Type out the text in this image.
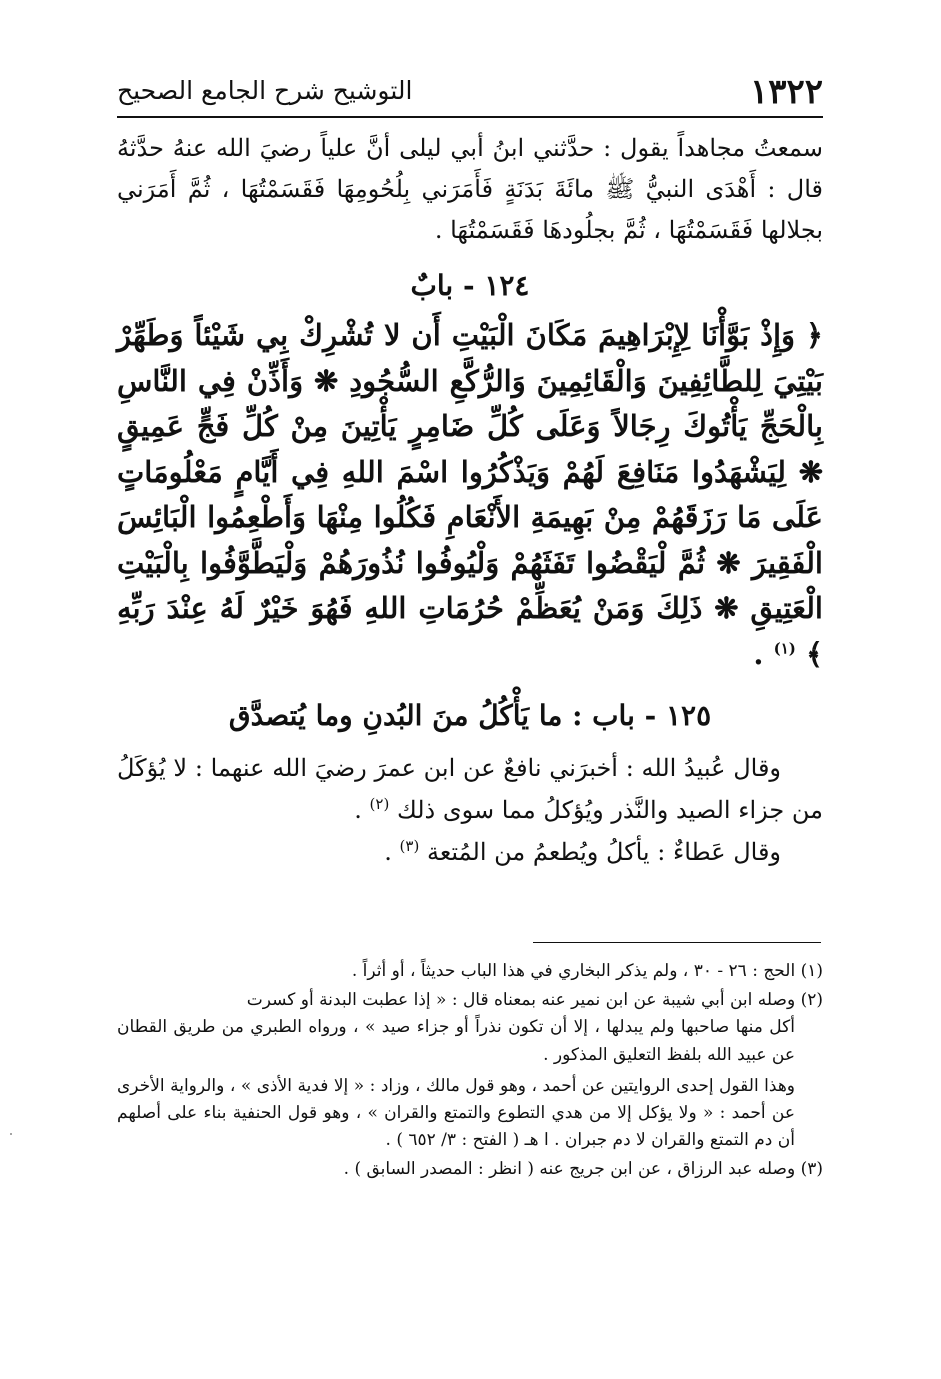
١٣٢٢
التوشيح شرح الجامع الصحيح

سمعتُ مجاهداً يقول : حدَّثني ابنُ أبي ليلى أنَّ علياً رضيَ الله عنهُ حدَّثهُ قال : أَهْدَى النبيُّ ﷺ مائَةَ بَدَنَةٍ فَأَمَرَني بِلُحُومِهَا فَقَسَمْتُهَا ، ثُمَّ أَمَرَني بجلالها فَقَسَمْتُهَا ، ثُمَّ بجلُودهَا فَقَسَمْتُهَا .

١٢٤ - بابٌ

﴿ وَإِذْ بَوَّأْنَا لِإِبْرَاهِيمَ مَكَانَ الْبَيْتِ أَن لا تُشْرِكْ بِي شَيْئاً وَطَهِّرْ بَيْتِيَ لِلطَّائِفِينَ وَالْقَائِمِينَ وَالرُّكَّعِ السُّجُودِ ❋ وَأَذِّنْ فِي النَّاسِ بِالْحَجِّ يَأْتُوكَ رِجَالاً وَعَلَى كُلِّ ضَامِرٍ يَأْتِينَ مِنْ كُلِّ فَجٍّ عَمِيقٍ ❋ لِيَشْهَدُوا مَنَافِعَ لَهُمْ وَيَذْكُرُوا اسْمَ اللهِ فِي أَيَّامٍ مَعْلُومَاتٍ عَلَى مَا رَزَقَهُمْ مِنْ بَهِيمَةِ الأَنْعَامِ فَكُلُوا مِنْهَا وَأَطْعِمُوا الْبَائِسَ الْفَقِيرَ ❋ ثُمَّ لْيَقْضُوا تَفَثَهُمْ وَلْيُوفُوا نُذُورَهُمْ وَلْيَطَّوَّفُوا بِالْبَيْتِ الْعَتِيقِ ❋ ذَلِكَ وَمَنْ يُعَظِّمْ حُرُمَاتِ اللهِ فَهُوَ خَيْرٌ لَهُ عِنْدَ رَبِّهِ ﴾ $^{(١)}$ .

١٢٥ - باب : ما يَأْكُلُ منَ البُدنِ وما يُتصدَّق

وقال عُبيدُ الله : أخبرَني نافعٌ عن ابن عمرَ رضيَ الله عنهما : لا يُؤكَلُ من جزاء الصيد والنَّذر ويُؤكلُ مما سوى ذلك $^{(٢)}$ .

وقال عَطاءٌ : يأكلُ ويُطعمُ من المُتعة $^{(٣)}$ .

(١) الحج : ٢٦ - ٣٠ ، ولم يذكر البخاري في هذا الباب حديثاً ، أو أثراً .

(٢) وصله ابن أبي شيبة عن ابن نمير عنه بمعناه قال : « إذا عطبت البدنة أو كسرت

أكل منها صاحبها ولم يبدلها ، إلا أن تكون نذراً أو جزاء صيد » ، ورواه الطبري من طريق القطان عن عبيد الله بلفظ التعليق المذكور .

وهذا القول إحدى الروايتين عن أحمد ، وهو قول مالك ، وزاد : « إلا فدية الأذى » ، والرواية الأخرى عن أحمد : « ولا يؤكل إلا من هدي التطوع والتمتع والقران » ، وهو قول الحنفية بناء على أصلهم أن دم التمتع والقران لا دم جبران . ا هـ ( الفتح : ٣/ ٦٥٢ ) .

(٣) وصله عبد الرزاق ، عن ابن جريج عنه ( انظر : المصدر السابق ) .
